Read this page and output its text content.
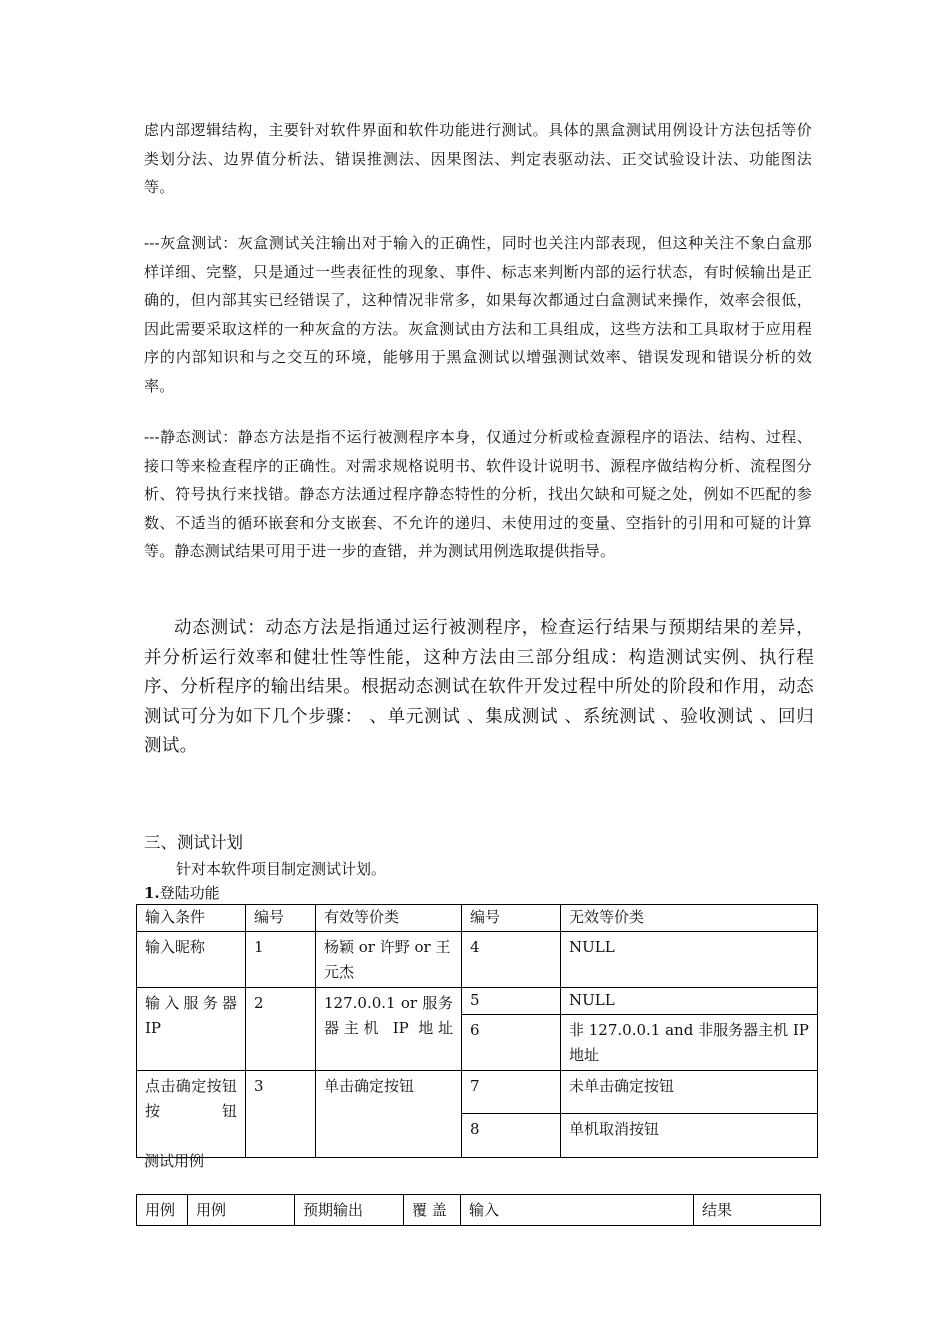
虑内部逻辑结构，主要针对软件界面和软件功能进行测试。具体的黑盒测试用例设计方法包括等价类划分法、边界值分析法、错误推测法、因果图法、判定表驱动法、正交试验设计法、功能图法等。
---灰盒测试：灰盒测试关注输出对于输入的正确性，同时也关注内部表现，但这种关注不象白盒那样详细、完整，只是通过一些表征性的现象、事件、标志来判断内部的运行状态，有时候输出是正确的，但内部其实已经错误了，这种情况非常多，如果每次都通过白盒测试来操作，效率会很低，因此需要采取这样的一种灰盒的方法。灰盒测试由方法和工具组成，这些方法和工具取材于应用程序的内部知识和与之交互的环境，能够用于黑盒测试以增强测试效率、错误发现和错误分析的效率。
---静态测试：静态方法是指不运行被测程序本身，仅通过分析或检查源程序的语法、结构、过程、接口等来检查程序的正确性。对需求规格说明书、软件设计说明书、源程序做结构分析、流程图分析、符号执行来找错。静态方法通过程序静态特性的分析，找出欠缺和可疑之处，例如不匹配的参数、不适当的循环嵌套和分支嵌套、不允许的递归、未使用过的变量、空指针的引用和可疑的计算等。静态测试结果可用于进一步的查错，并为测试用例选取提供指导。
动态测试：动态方法是指通过运行被测程序，检查运行结果与预期结果的差异，并分析运行效率和健壮性等性能，这种方法由三部分组成：构造测试实例、执行程序、分析程序的输出结果。根据动态测试在软件开发过程中所处的阶段和作用，动态测试可分为如下几个步骤： 、单元测试 、集成测试 、系统测试 、验收测试 、回归测试。
三、测试计划
针对本软件项目制定测试计划。
1.登陆功能
输入条件	编号	有效等价类	编号	无效等价类
输入昵称	1	杨颖 or 许野 or 王元杰	4	NULL
输入服务器 IP	2	127.0.0.1 or 服务器主机 IP 地址	5	NULL
			6	非 127.0.0.1 and 非服务器主机 IP 地址
点击确定按钮按钮	3	单击确定按钮	7	未单击确定按钮
			8	单机取消按钮
测试用例
用例	用例	预期输出	覆 盖	输入	结果
